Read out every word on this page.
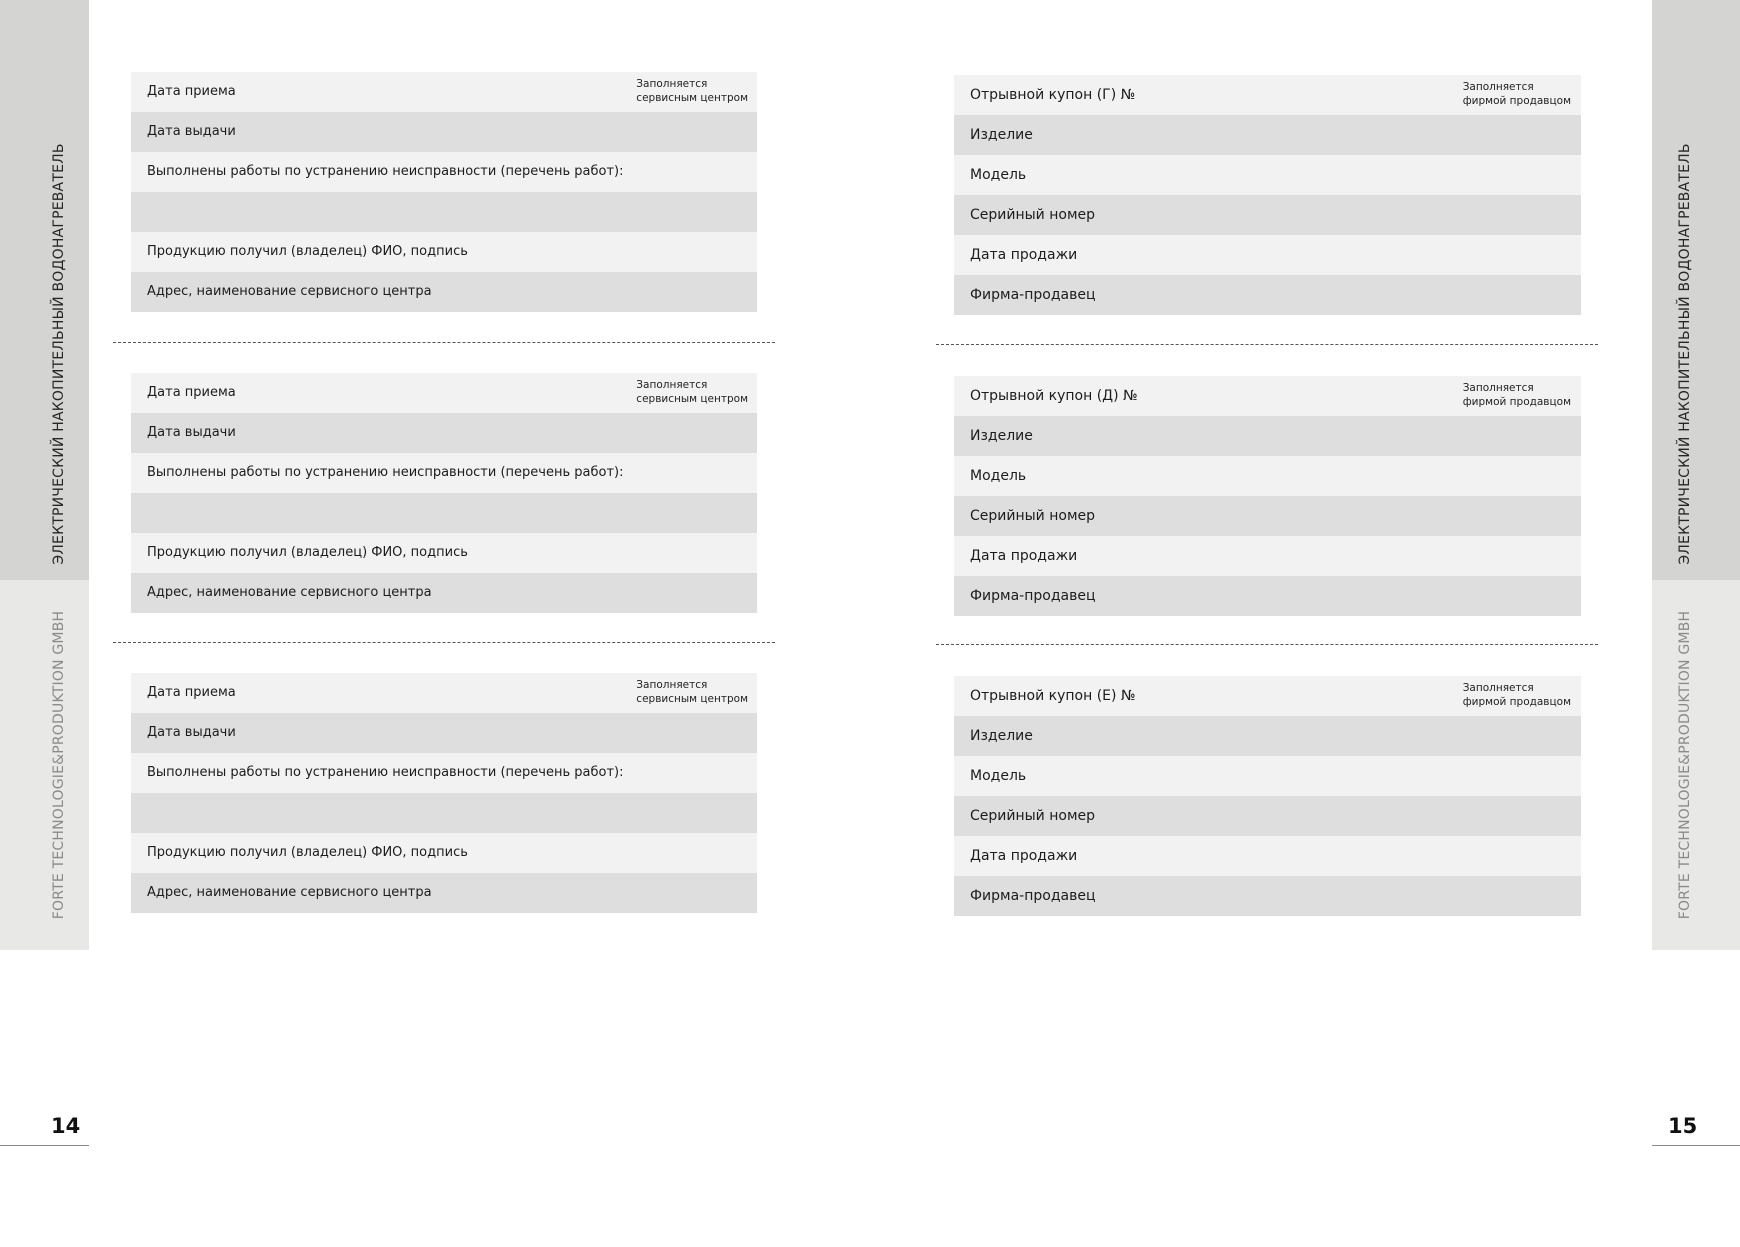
ЭЛЕКТРИЧЕСКИЙ НАКОПИТЕЛЬНЫЙ ВОДОНАГРЕВАТЕЛЬ
FORTE TECHNOLOGIE&PRODUKTION GMBH
14
ЭЛЕКТРИЧЕСКИЙ НАКОПИТЕЛЬНЫЙ ВОДОНАГРЕВАТЕЛЬ
FORTE TECHNOLOGIE&PRODUKTION GMBH
15
Дата приема	Заполняется
сервисным центром
Дата выдачи
Выполнены работы по устранению неисправности (перечень работ):
Продукцию получил (владелец) ФИО, подпись
Адрес, наименование сервисного центра
Дата приема	Заполняется
сервисным центром
Дата выдачи
Выполнены работы по устранению неисправности (перечень работ):
Продукцию получил (владелец) ФИО, подпись
Адрес, наименование сервисного центра
Дата приема	Заполняется
сервисным центром
Дата выдачи
Выполнены работы по устранению неисправности (перечень работ):
Продукцию получил (владелец) ФИО, подпись
Адрес, наименование сервисного центра
Отрывной купон (Г) №	Заполняется
фирмой продавцом
Изделие
Модель
Серийный номер
Дата продажи
Фирма-продавец
Отрывной купон (Д) №	Заполняется
фирмой продавцом
Изделие
Модель
Серийный номер
Дата продажи
Фирма-продавец
Отрывной купон (Е) №	Заполняется
фирмой продавцом
Изделие
Модель
Серийный номер
Дата продажи
Фирма-продавец
